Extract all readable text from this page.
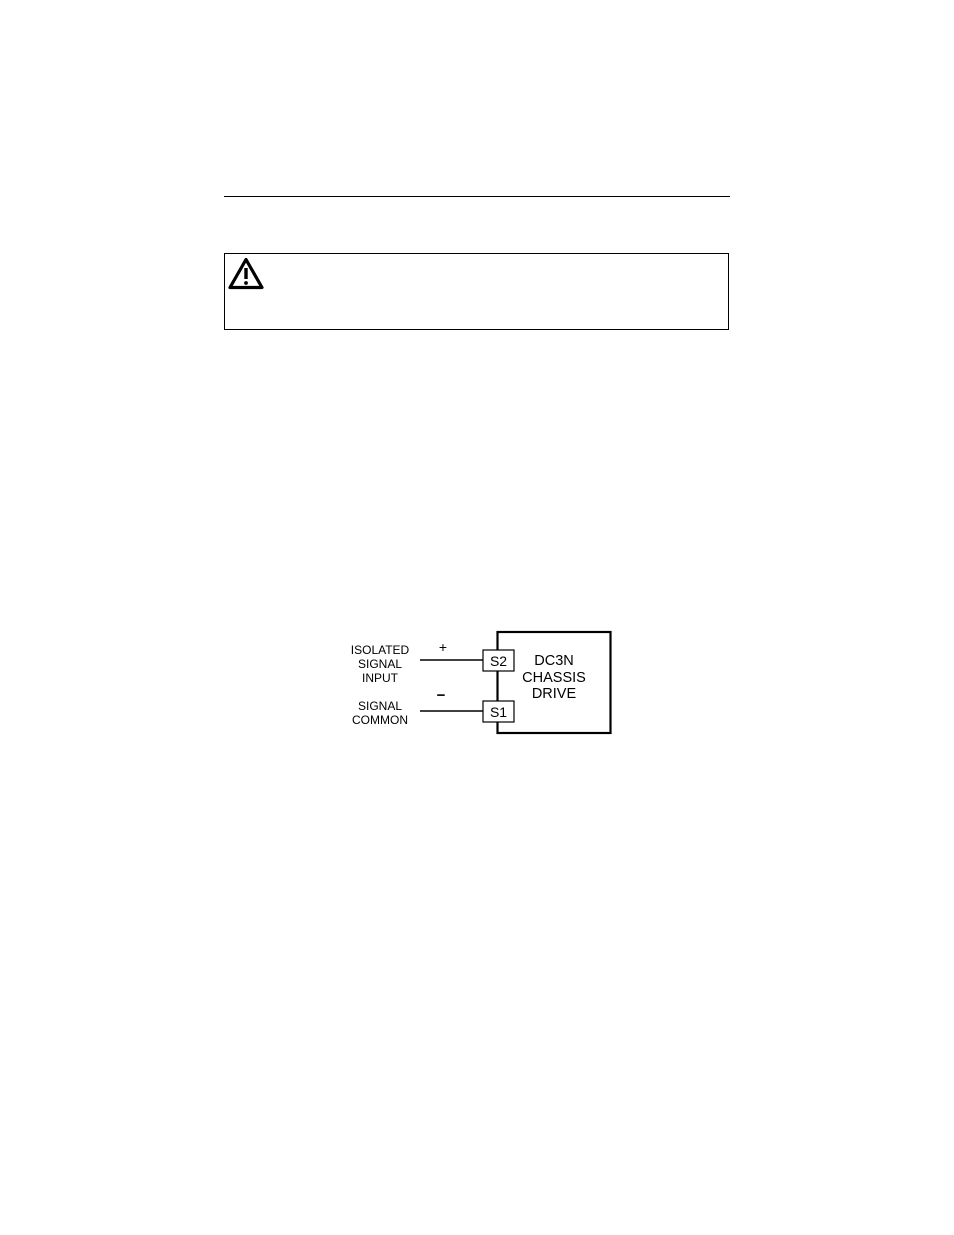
ISOLATED
SIGNAL
INPUT
SIGNAL
COMMON
+
−
S2
S1
DC3N
CHASSIS
DRIVE
